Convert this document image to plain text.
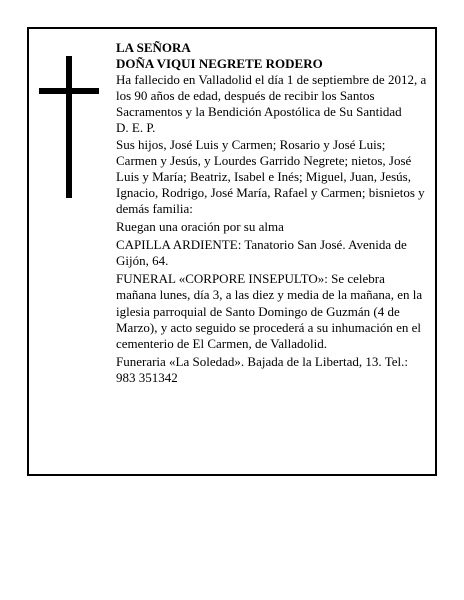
LA SEÑORA

DOÑA VIQUI NEGRETE RODERO

Ha fallecido en Valladolid el día 1 de septiembre de 2012, a los 90 años de edad, después de recibir los Santos Sacramentos y la Bendición Apostólica de Su Santidad

D. E. P.

Sus hijos, José Luis y Carmen; Rosario y José Luis; Carmen y Jesús, y Lourdes Garrido Negrete; nietos, José Luis y María; Beatriz, Isabel e Inés; Miguel, Juan, Jesús, Ignacio, Rodrigo, José María, Rafael y Carmen; bisnietos y demás familia:

Ruegan una oración por su alma

CAPILLA ARDIENTE: Tanatorio San José. Avenida de Gijón, 64.

FUNERAL «CORPORE INSEPULTO»: Se celebra mañana lunes, día 3, a las diez y media de la mañana, en la iglesia parroquial de Santo Domingo de Guzmán (4 de Marzo), y acto seguido se procederá a su inhumación en el cementerio de El Carmen, de Valladolid.

Funeraria «La Soledad». Bajada de la Libertad, 13. Tel.: 983 351342
